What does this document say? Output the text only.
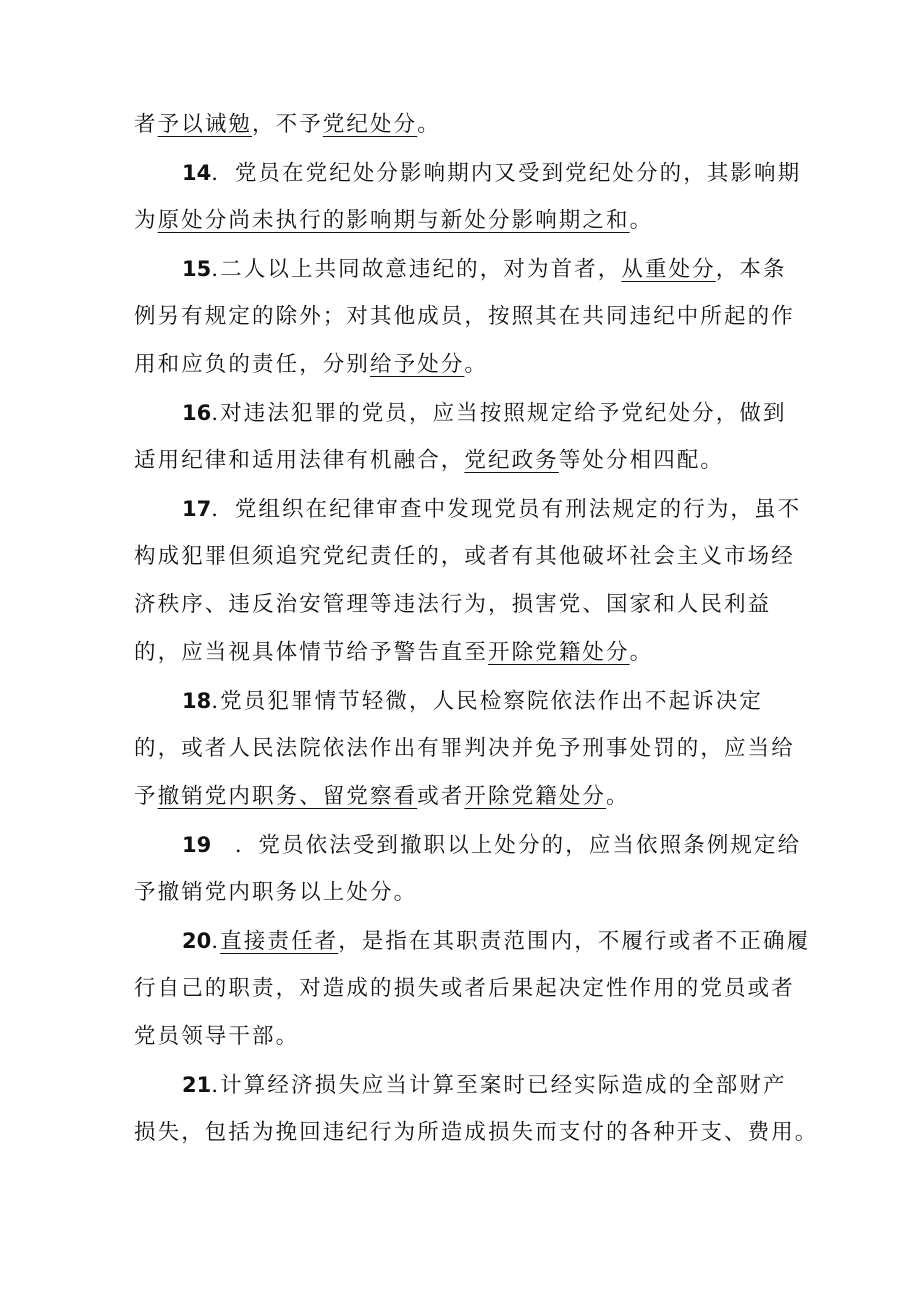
者予以诫勉，不予党纪处分。
14．党员在党纪处分影响期内又受到党纪处分的，其影响期
为原处分尚未执行的影响期与新处分影响期之和。
15.二人以上共同故意违纪的，对为首者，从重处分，本条
例另有规定的除外；对其他成员，按照其在共同违纪中所起的作
用和应负的责任，分别给予处分。
16.对违法犯罪的党员，应当按照规定给予党纪处分，做到
适用纪律和适用法律有机融合，党纪政务等处分相四配。
17．党组织在纪律审查中发现党员有刑法规定的行为，虽不
构成犯罪但须追究党纪责任的，或者有其他破坏社会主义市场经
济秩序、违反治安管理等违法行为，损害党、国家和人民利益
的，应当视具体情节给予警告直至开除党籍处分。
18.党员犯罪情节轻微，人民检察院依法作出不起诉决定
的，或者人民法院依法作出有罪判决并免予刑事处罚的，应当给
予撤销党内职务、留党察看或者开除党籍处分。
19　．党员依法受到撤职以上处分的，应当依照条例规定给
予撤销党内职务以上处分。
20.直接责任者，是指在其职责范围内，不履行或者不正确履
行自己的职责，对造成的损失或者后果起决定性作用的党员或者
党员领导干部。
21.计算经济损失应当计算至案时已经实际造成的全部财产
损失，包括为挽回违纪行为所造成损失而支付的各种开支、费用。
